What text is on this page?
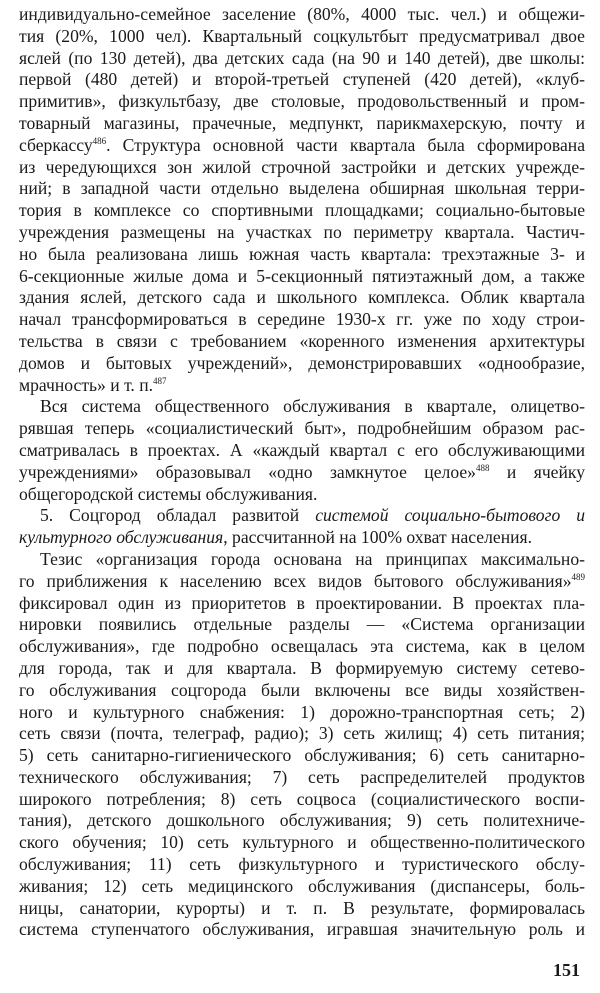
индивидуально-семейное заселение (80%, 4000 тыс. чел.) и общежи-
тия (20%, 1000 чел). Квартальный соцкультбыт предусматривал двое
яслей (по 130 детей), два детских сада (на 90 и 140 детей), две школы:
первой (480 детей) и второй-третьей ступеней (420 детей), «клуб-
примитив», физкультбазу, две столовые, продовольственный и пром-
товарный магазины, прачечные, медпункт, парикмахерскую, почту и
сберкассу$^{486}$. Структура основной части квартала была сформирована
из чередующихся зон жилой строчной застройки и детских учрежде-
ний; в западной части отдельно выделена обширная школьная терри-
тория в комплексе со спортивными площадками; социально-бытовые
учреждения размещены на участках по периметру квартала. Частич-
но была реализована лишь южная часть квартала: трехэтажные 3- и
6-секционные жилые дома и 5-секционный пятиэтажный дом, а также
здания яслей, детского сада и школьного комплекса. Облик квартала
начал трансформироваться в середине 1930-х гг. уже по ходу строи-
тельства в связи с требованием «коренного изменения архитектуры
домов и бытовых учреждений», демонстрировавших «однообразие,
мрачность» и т. п.$^{487}$
Вся система общественного обслуживания в квартале, олицетво-
рявшая теперь «социалистический быт», подробнейшим образом рас-
сматривалась в проектах. А «каждый квартал с его обслуживающими
учреждениями» образовывал «одно замкнутое целое»$^{488}$ и ячейку
общегородской системы обслуживания.
5. Соцгород обладал развитой системой социально-бытового и
культурного обслуживания, рассчитанной на 100% охват населения.
Тезис «организация города основана на принципах максимально-
го приближения к населению всех видов бытового обслуживания»$^{489}$
фиксировал один из приоритетов в проектировании. В проектах пла-
нировки появились отдельные разделы — «Система организации
обслуживания», где подробно освещалась эта система, как в целом
для города, так и для квартала. В формируемую систему сетево-
го обслуживания соцгорода были включены все виды хозяйствен-
ного и культурного снабжения: 1) дорожно-транспортная сеть; 2)
сеть связи (почта, телеграф, радио); 3) сеть жилищ; 4) сеть питания;
5) сеть санитарно-гигиенического обслуживания; 6) сеть санитарно-
технического обслуживания; 7) сеть распределителей продуктов
широкого потребления; 8) сеть соцвоса (социалистического воспи-
тания), детского дошкольного обслуживания; 9) сеть политехниче-
ского обучения; 10) сеть культурного и общественно-политического
обслуживания; 11) сеть физкультурного и туристического обслу-
живания; 12) сеть медицинского обслуживания (диспансеры, боль-
ницы, санатории, курорты) и т. п. В результате, формировалась
система ступенчатого обслуживания, игравшая значительную роль и
151
